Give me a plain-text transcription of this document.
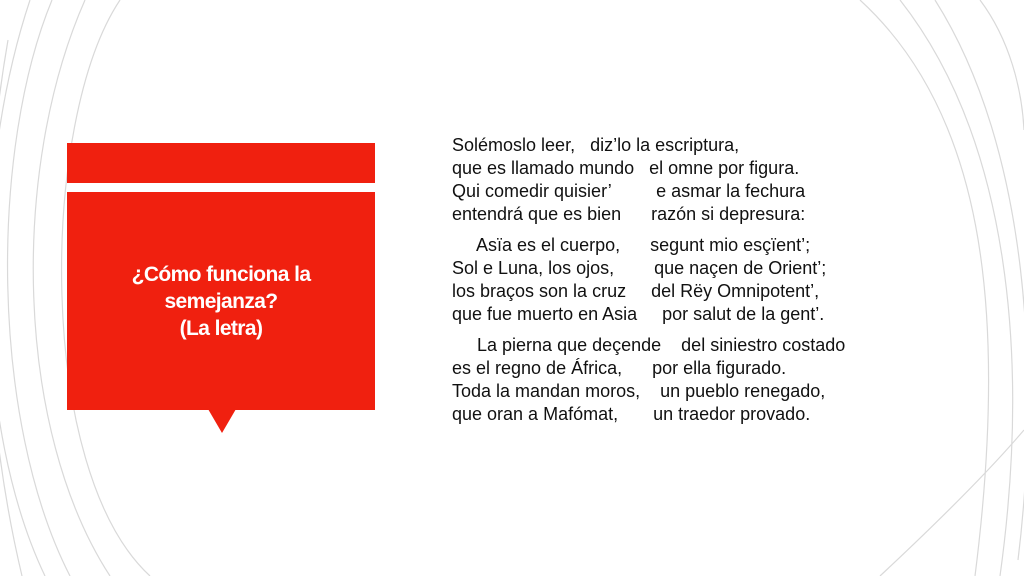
¿Cómo funciona la
semejanza?
(La letra)
Solémoslo leer,   diz’lo la escriptura,
que es llamado mundo   el omne por figura.
Qui comedir quisier’         e asmar la fechura
entendrá que es bien      razón si depresura:
Asïa es el cuerpo,      segunt mio esçïent’;
Sol e Luna, los ojos,        que naçen de Orient’;
los braços son la cruz     del Rëy Omnipotent’,
que fue muerto en Asia     por salut de la gent’.
La pierna que deçende    del siniestro costado
es el regno de África,      por ella figurado.
Toda la mandan moros,    un pueblo renegado,
que oran a Mafómat,       un traedor provado.
